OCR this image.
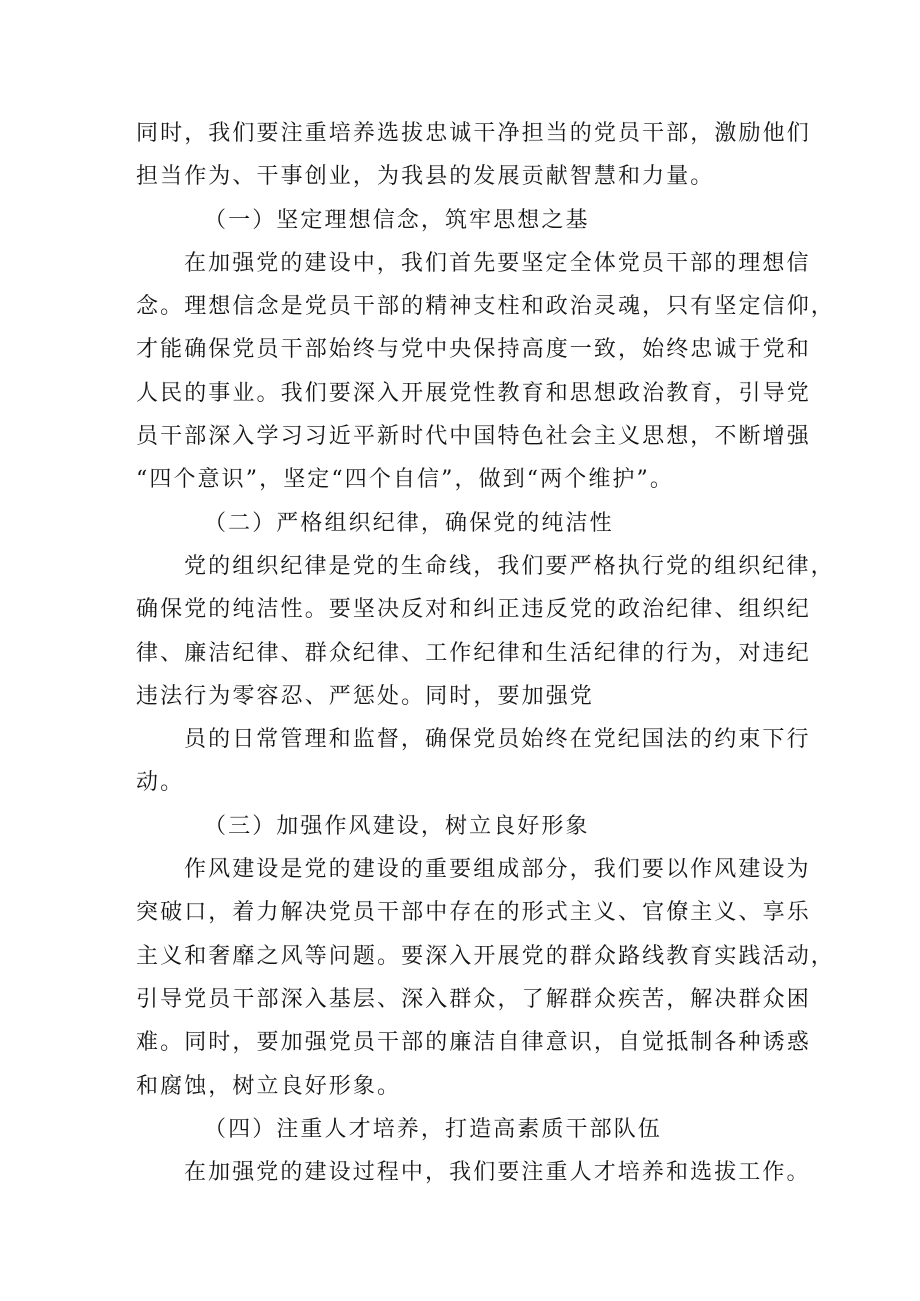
同时，我们要注重培养选拔忠诚干净担当的党员干部，激励他们
担当作为、干事创业，为我县的发展贡献智慧和力量。
（一）坚定理想信念，筑牢思想之基
在加强党的建设中，我们首先要坚定全体党员干部的理想信
念。理想信念是党员干部的精神支柱和政治灵魂，只有坚定信仰，
才能确保党员干部始终与党中央保持高度一致，始终忠诚于党和
人民的事业。我们要深入开展党性教育和思想政治教育，引导党
员干部深入学习习近平新时代中国特色社会主义思想，不断增强
“四个意识”，坚定“四个自信”，做到“两个维护”。
（二）严格组织纪律，确保党的纯洁性
党的组织纪律是党的生命线，我们要严格执行党的组织纪律，
确保党的纯洁性。要坚决反对和纠正违反党的政治纪律、组织纪
律、廉洁纪律、群众纪律、工作纪律和生活纪律的行为，对违纪
违法行为零容忍、严惩处。同时，要加强党
员的日常管理和监督，确保党员始终在党纪国法的约束下行
动。
（三）加强作风建设，树立良好形象
作风建设是党的建设的重要组成部分，我们要以作风建设为
突破口，着力解决党员干部中存在的形式主义、官僚主义、享乐
主义和奢靡之风等问题。要深入开展党的群众路线教育实践活动，
引导党员干部深入基层、深入群众，了解群众疾苦，解决群众困
难。同时，要加强党员干部的廉洁自律意识，自觉抵制各种诱惑
和腐蚀，树立良好形象。
（四）注重人才培养，打造高素质干部队伍
在加强党的建设过程中，我们要注重人才培养和选拔工作。
